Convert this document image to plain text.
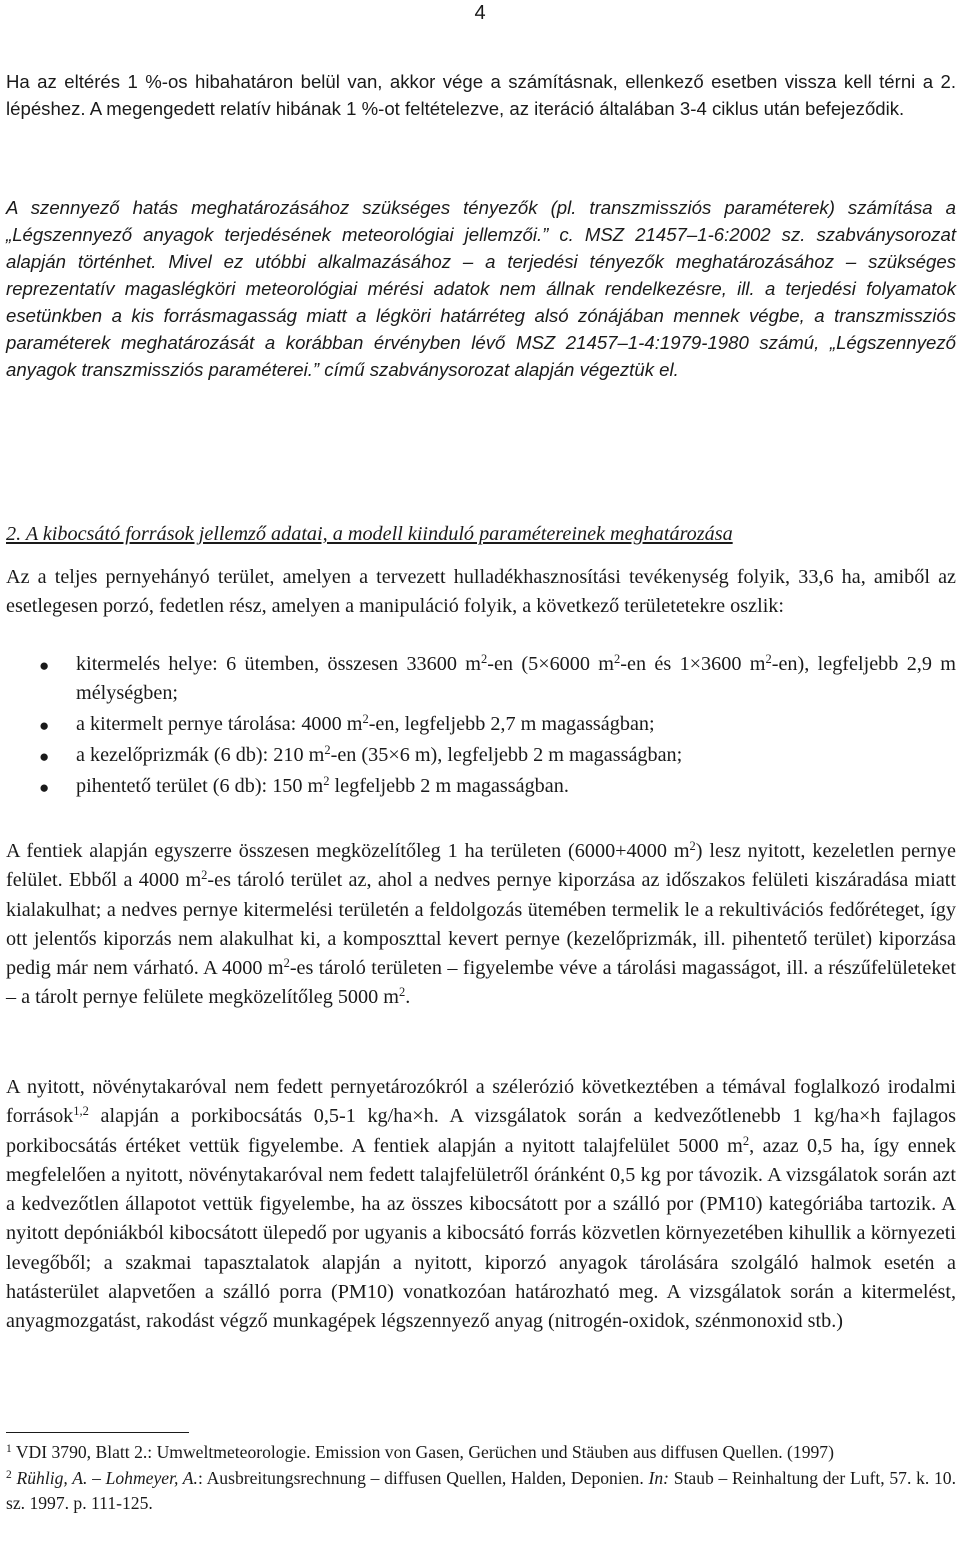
4

Ha az eltérés 1 %-os hibahatáron belül van, akkor vége a számításnak, ellenkező esetben vissza kell térni a 2. lépéshez. A megengedett relatív hibának 1 %-ot feltételezve, az iteráció általában 3-4 ciklus után befejeződik.

A szennyező hatás meghatározásához szükséges tényezők (pl. transzmissziós paraméterek) számítása a „Légszennyező anyagok terjedésének meteorológiai jellemzői.” c. MSZ 21457–1-6:2002 sz. szabványsorozat alapján történhet. Mivel ez utóbbi alkalmazásához – a terjedési tényezők meghatározásához – szükséges reprezentatív magaslégköri meteorológiai mérési adatok nem állnak rendelkezésre, ill. a terjedési folyamatok esetünkben a kis forrásmagasság miatt a légköri határréteg alsó zónájában mennek végbe, a transzmissziós paraméterek meghatározását a korábban érvényben lévő MSZ 21457–1-4:1979-1980 számú, „Légszennyező anyagok transzmissziós paraméterei.” című szabványsorozat alapján végeztük el.

2. A kibocsátó források jellemző adatai, a modell kiinduló paramétereinek meghatározása

Az a teljes pernyehányó terület, amelyen a tervezett hulladékhasznosítási tevékenység folyik, 33,6 ha, amiből az esetlegesen porzó, fedetlen rész, amelyen a manipuláció folyik, a következő területetekre oszlik:

● kitermelés helye: 6 ütemben, összesen 33600 $m^2-en$ (5×6000 $m^2-en$ és 1×3600 $m^2-en$), legfeljebb 2,9 m mélységben;
● a kitermelt pernye tárolása: 4000 $m^2-en$, legfeljebb 2,7 m magasságban;
● a kezelőprizmák (6 db): 210 $m^2-en$ (35×6 m), legfeljebb 2 m magasságban;
● pihentető terület (6 db): 150 $m^2$ legfeljebb 2 m magasságban.

A fentiek alapján egyszerre összesen megközelítőleg 1 ha területen (6000+4000 $m^2$) lesz nyitott, kezeletlen pernye felület. Ebből a 4000 $m^2-es$ tároló terület az, ahol a nedves pernye kiporzása az időszakos felületi kiszáradása miatt kialakulhat; a nedves pernye kitermelési területén a feldolgozás ütemében termelik le a rekultivációs fedőréteget, így ott jelentős kiporzás nem alakulhat ki, a komposzttal kevert pernye (kezelőprizmák, ill. pihentető terület) kiporzása pedig már nem várható. A 4000 $m^2-es$ tároló területen – figyelembe véve a tárolási magasságot, ill. a részűfelületeket – a tárolt pernye felülete megközelítőleg 5000 $m^2$.

A nyitott, növénytakaróval nem fedett pernyetározókról a szélerózió következtében a témával foglalkozó irodalmi források$^{1,2}$ alapján a porkibocsátás 0,5-1 kg/ha×h. A vizsgálatok során a kedvezőtlenebb 1 kg/ha×h fajlagos porkibocsátás értéket vettük figyelembe. A fentiek alapján a nyitott talajfelület 5000 $m^2$, azaz 0,5 ha, így ennek megfelelően a nyitott, növénytakaróval nem fedett talajfelületről óránként 0,5 kg por távozik. A vizsgálatok során azt a kedvezőtlen állapotot vettük figyelembe, ha az összes kibocsátott por a szálló por (PM10) kategóriába tartozik. A nyitott depóniákból kibocsátott ülepedő por ugyanis a kibocsátó forrás közvetlen környezetében kihullik a környezeti levegőből; a szakmai tapasztalatok alapján a nyitott, kiporzó anyagok tárolására szolgáló halmok esetén a hatásterület alapvetően a szálló porra (PM10) vonatkozóan határozható meg. A vizsgálatok során a kitermelést, anyagmozgatást, rakodást végző munkagépek légszennyező anyag (nitrogén-oxidok, szénmonoxid stb.)

$^1$ VDI 3790, Blatt 2.: Umweltmeteorologie. Emission von Gasen, Gerüchen und Stäuben aus diffusen Quellen. (1997)

$^2$ Rühlig, A. – Lohmeyer, A.: Ausbreitungsrechnung – diffusen Quellen, Halden, Deponien. In: Staub – Reinhaltung der Luft, 57. k. 10. sz. 1997. p. 111-125.
